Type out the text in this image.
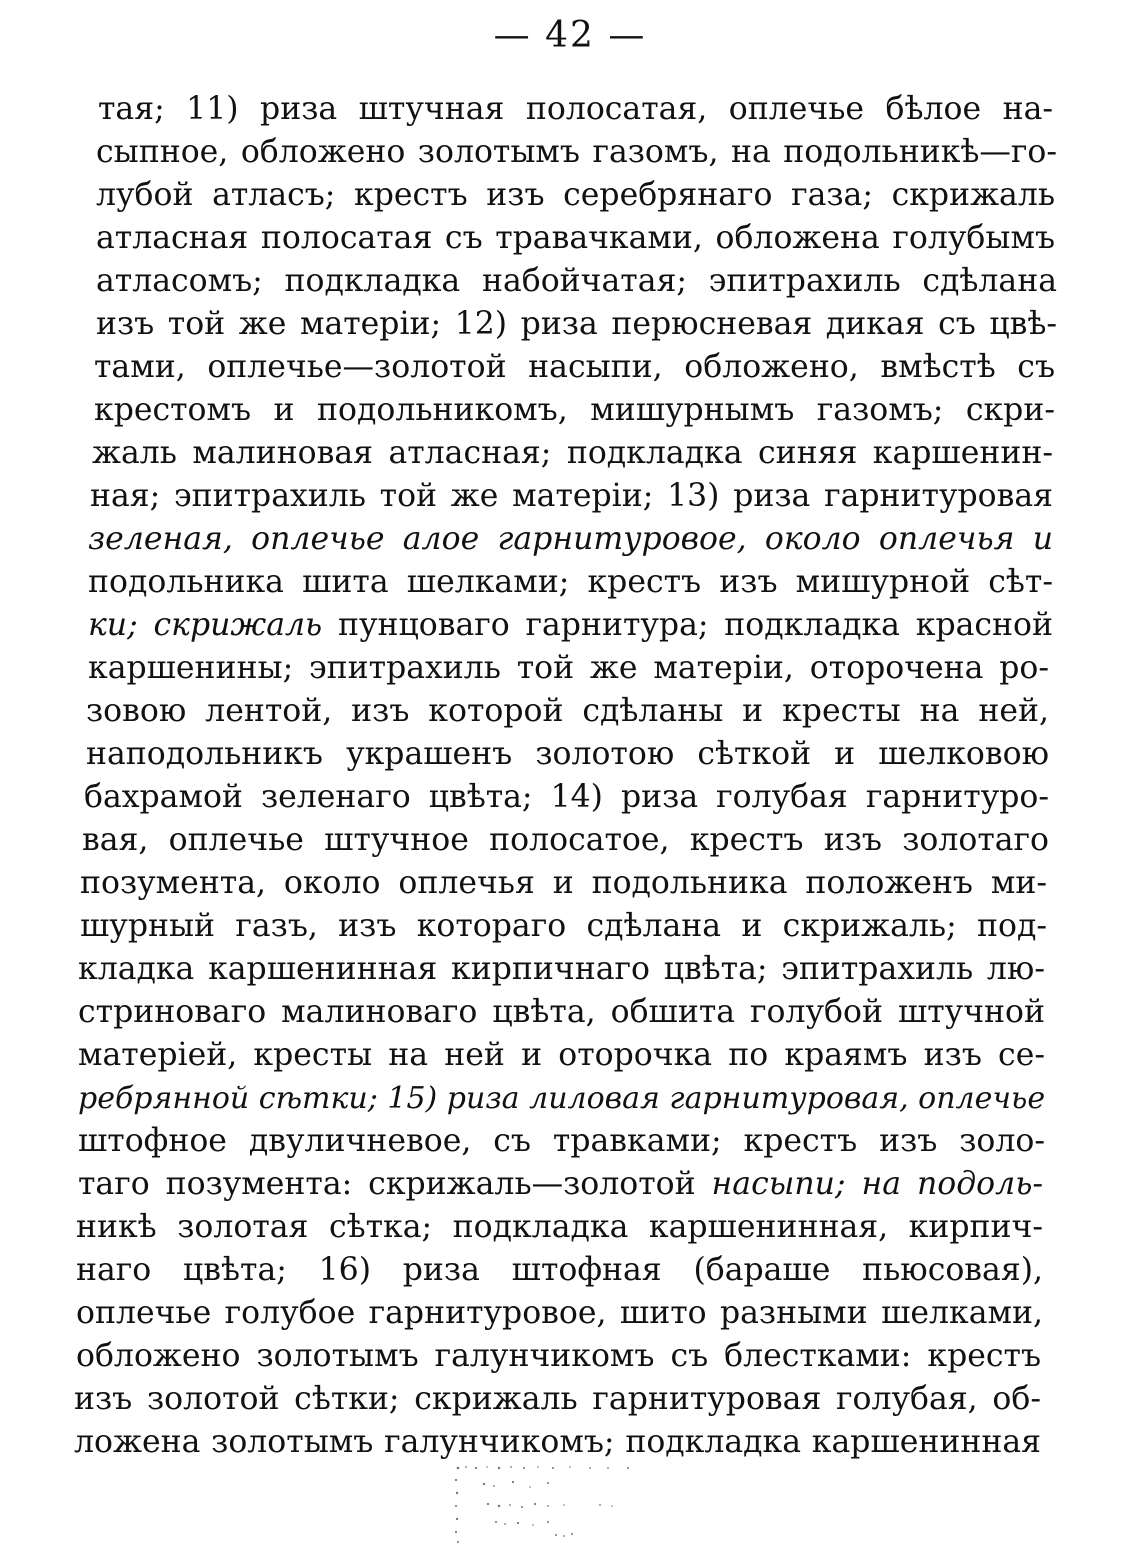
— 42 —
тая; 11) риза штучная полосатая, оплечье бѣлое на-
сыпное, обложено золотымъ газомъ, на подольникѣ—го-
лубой атласъ; крестъ изъ серебрянаго газа; скрижаль
атласная полосатая съ травачками, обложена голубымъ
атласомъ; подкладка набойчатая; эпитрахиль сдѣлана
изъ той же матеріи; 12) риза перюсневая дикая съ цвѣ-
тами, оплечье—золотой насыпи, обложено, вмѣстѣ съ
крестомъ и подольникомъ, мишурнымъ газомъ; скри-
жаль малиновая атласная; подкладка синяя каршенин-
ная; эпитрахиль той же матеріи; 13) риза гарнитуровая
зеленая, оплечье алое гарнитуровое, около оплечья и
подольника шита шелками; крестъ изъ мишурной сѣт-
ки; скрижаль пунцоваго гарнитура; подкладка красной
каршенины; эпитрахиль той же матеріи, оторочена ро-
зовою лентой, изъ которой сдѣланы и кресты на ней,
наподольникъ украшенъ золотою сѣткой и шелковою
бахрамой зеленаго цвѣта; 14) риза голубая гарнитуро-
вая, оплечье штучное полосатое, крестъ изъ золотаго
позумента, около оплечья и подольника положенъ ми-
шурный газъ, изъ котораго сдѣлана и скрижаль; под-
кладка каршенинная кирпичнаго цвѣта; эпитрахиль лю-
стриноваго малиноваго цвѣта, обшита голубой штучной
матеріей, кресты на ней и оторочка по краямъ изъ се-
ребрянной сѣтки; 15) риза лиловая гарнитуровая, оплечье
штофное двуличневое, съ травками; крестъ изъ золо-
таго позумента: скрижаль—золотой насыпи; на подоль-
никѣ золотая сѣтка; подкладка каршенинная, кирпич-
наго цвѣта; 16) риза штофная (бараше пьюсовая),
оплечье голубое гарнитуровое, шито разными шелками,
обложено золотымъ галунчикомъ съ блестками: крестъ
изъ золотой сѣтки; скрижаль гарнитуровая голубая, об-
ложена золотымъ галунчикомъ; подкладка каршенинная
